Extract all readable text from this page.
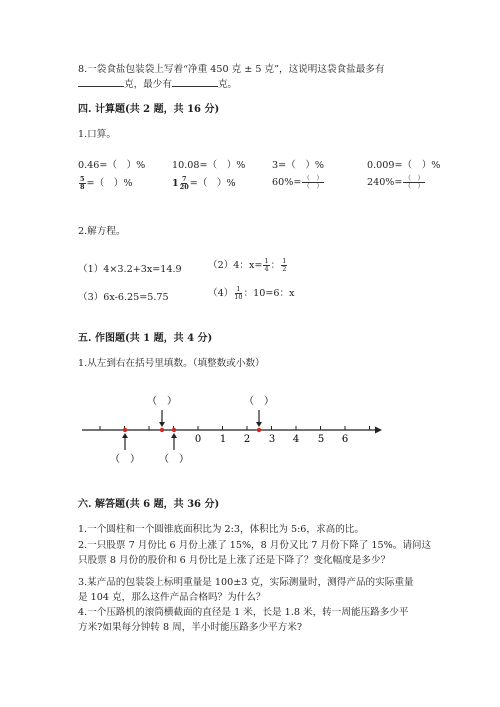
8.一袋食盐包装袋上写着“净重 450 克 ± 5 克”，这说明这袋食盐最多有
克，最少有	克。
四. 计算题(共 2 题，共 16 分)
1.口算。
0.46=（　）%	10.08=（　）%	3=（　）%	0.009=（　）%
$\frac{5}{8}$ =（　）%	$1 \frac{7}{20}$ =（　）%	$60\%= \frac{( )}{( )}$	$240\%= \frac{( )}{( )}$
2.解方程。
（1）4×3.2+3x=14.9	（2）4：$x= \frac{1}{4}$ ： $\frac{1}{2}$
（3）6x-6.25=5.75	$(4) \frac{1}{10}$ ：10=6：x
五. 作图题(共 1 题，共 4 分)
1.从左到右在括号里填数。（填整数或小数）
0 1 2 3 4 5 6
（　）	（　）
（　） （　）
六. 解答题(共 6 题，共 36 分)
1.一个圆柱和一个圆锥底面积比为 2:3，体积比为 5:6，求高的比。
2.一只股票 7 月份比 6 月份上涨了 15%，8 月份又比 7 月份下降了 15%。请问这
只股票 8 月份的股价和 6 月份比是上涨了还是下降了？变化幅度是多少？
3.某产品的包装袋上标明重量是 100±3 克，实际测量时，测得产品的实际重量
是 104 克，那么这件产品合格吗？为什么？
4.一个压路机的滚筒横截面的直径是 1 米，长是 1.8 米，转一周能压路多少平
方米?如果每分钟转 8 周，半小时能压路多少平方米?
